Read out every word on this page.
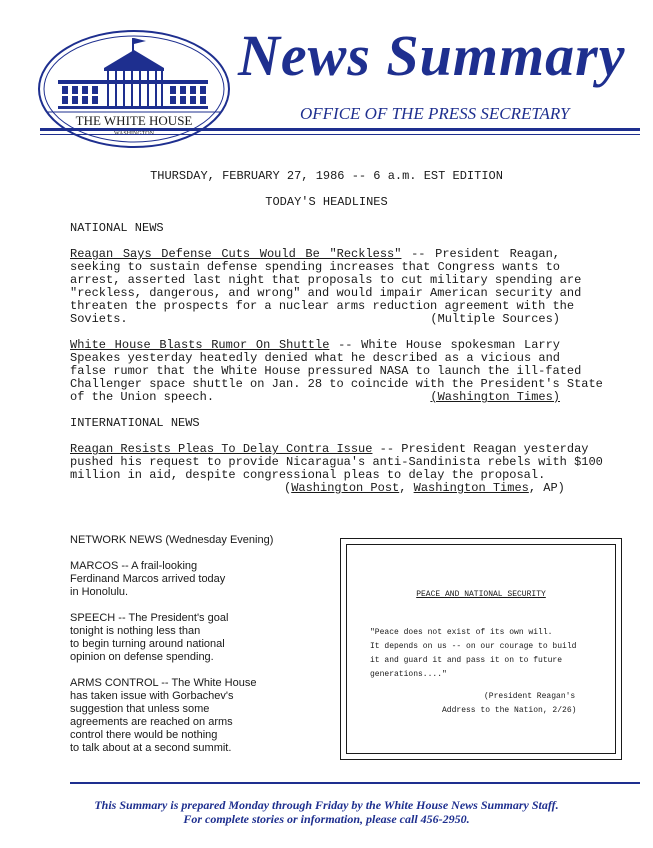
THE WHITE HOUSE
News Summary
OFFICE OF THE PRESS SECRETARY
THURSDAY, FEBRUARY 27, 1986 -- 6 a.m. EST EDITION
TODAY'S HEADLINES
NATIONAL NEWS
Reagan Says Defense Cuts Would Be "Reckless" -- President Reagan,
seeking to sustain defense spending increases that Congress wants to
arrest, asserted last night that proposals to cut military spending are
"reckless, dangerous, and wrong" and would impair American security and
threaten the prospects for a nuclear arms reduction agreement with the
Soviets.	(Multiple Sources)
White House Blasts Rumor On Shuttle -- White House spokesman Larry
Speakes yesterday heatedly denied what he described as a vicious and
false rumor that the White House pressured NASA to launch the ill-fated
Challenger space shuttle on Jan. 28 to coincide with the President's State
of the Union speech.	(Washington Times)
INTERNATIONAL NEWS
Reagan Resists Pleas To Delay Contra Issue -- President Reagan yesterday
pushed his request to provide Nicaragua's anti-Sandinista rebels with $100
million in aid, despite congressional pleas to delay the proposal.
(Washington Post, Washington Times, AP)
NETWORK NEWS (Wednesday Evening)
MARCOS -- A frail-looking
Ferdinand Marcos arrived today
in Honolulu.
SPEECH -- The President's goal
tonight is nothing less than
to begin turning around national
opinion on defense spending.
ARMS CONTROL -- The White House
has taken issue with Gorbachev's
suggestion that unless some
agreements are reached on arms
control there would be nothing
to talk about at a second summit.
PEACE AND NATIONAL SECURITY
"Peace does not exist of its own will.
It depends on us -- on our courage to build
it and guard it and pass it on to future
generations...."
(President Reagan's
Address to the Nation, 2/26)
This Summary is prepared Monday through Friday by the White House News Summary Staff.
For complete stories or information, please call 456-2950.
